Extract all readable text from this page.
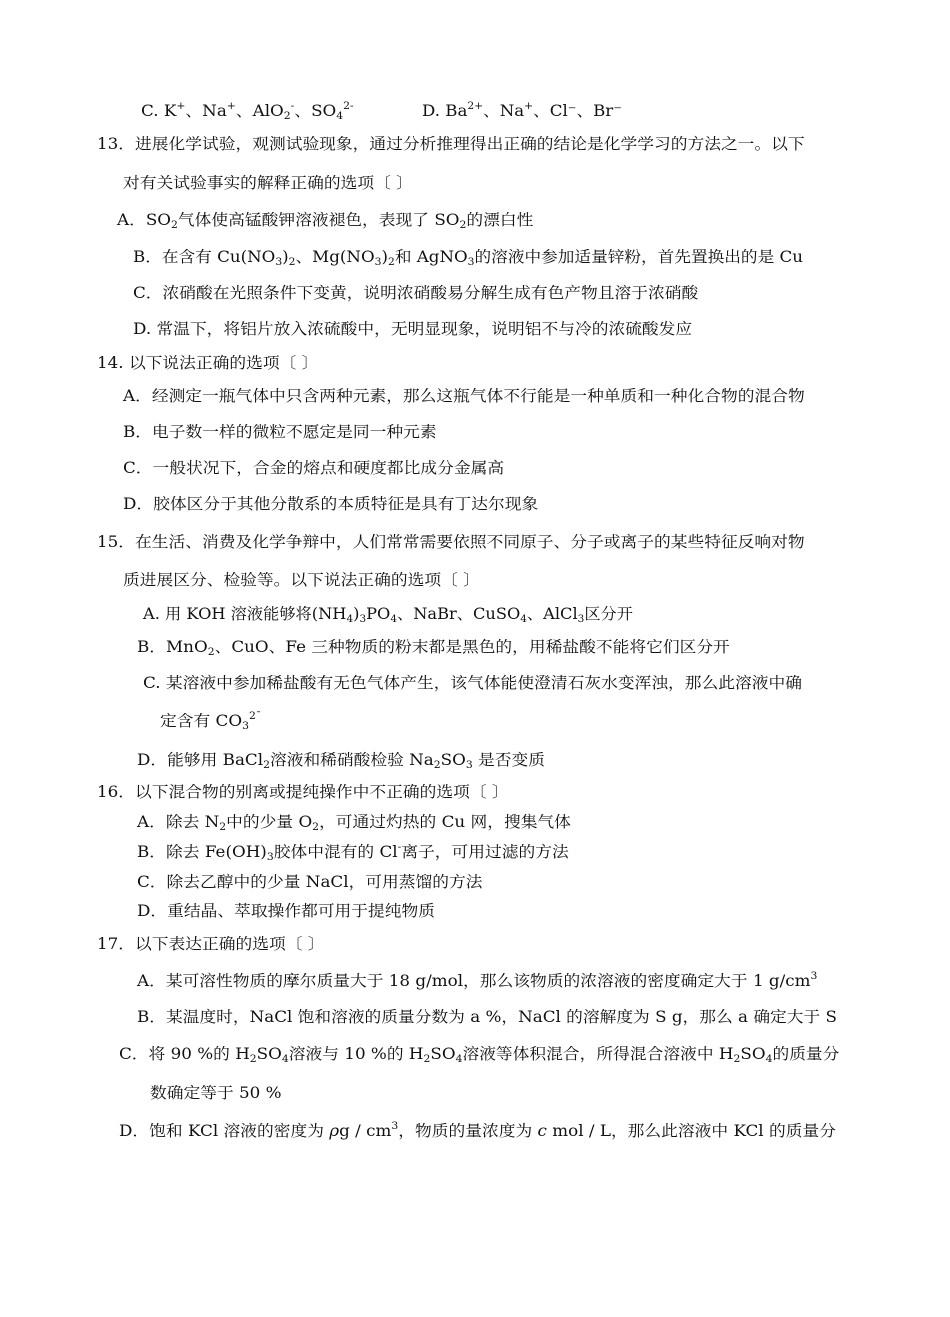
C. K+、Na+、AlO$_2$-、$SO_4^{2-}$	D. $Ba^{2+}$、Na+、Cl⁻、Br⁻
13．进展化学试验，观测试验现象，通过分析推理得出正确的结论是化学学习的方法之一。以下
对有关试验事实的解释正确的选项〔 〕
A．$SO_2$气体使高锰酸钾溶液褪色，表现了 $SO_2$的漂白性
B．在含有 $Cu(NO_3)_2$、$Mg(NO_3)_2$和 AgNO$_3$的溶液中参加适量锌粉，首先置换出的是 Cu
C．浓硝酸在光照条件下变黄，说明浓硝酸易分解生成有色产物且溶于浓硝酸
D. 常温下，将铝片放入浓硫酸中，无明显现象，说明铝不与冷的浓硫酸发应
14. 以下说法正确的选项〔 〕
A．经测定一瓶气体中只含两种元素，那么这瓶气体不行能是一种单质和一种化合物的混合物
B．电子数一样的微粒不愿定是同一种元素
C．一般状况下，合金的熔点和硬度都比成分金属高
D．胶体区分于其他分散系的本质特征是具有丁达尔现象
15．在生活、消费及化学争辩中，人们常常需要依照不同原子、分子或离子的某些特征反响对物
质进展区分、检验等。以下说法正确的选项〔 〕
A. 用 KOH 溶液能够将$(NH_4)_3PO_4$、NaBr、CuSO$_4$、AlCl$_3$区分开
B．MnO$_2$、CuO、Fe 三种物质的粉末都是黑色的，用稀盐酸不能将它们区分开
C. 某溶液中参加稀盐酸有无色气体产生，该气体能使澄清石灰水变浑浊，那么此溶液中确
定含有 $CO_3^{2ˉ}$
D．能够用 BaCl$_2$溶液和稀硝酸检验 $Na_2SO_3$ 是否变质
16．以下混合物的别离或提纯操作中不正确的选项〔 〕
A．除去 $N_2$中的少量 $O_2$，可通过灼热的 Cu 网，搜集气体
B．除去 $Fe(OH)_3$胶体中混有的 Cl-离子，可用过滤的方法
C．除去乙醇中的少量 NaCl，可用蒸馏的方法
D．重结晶、萃取操作都可用于提纯物质
17．以下表达正确的选项〔 〕
A．某可溶性物质的摩尔质量大于 18 g/mol，那么该物质的浓溶液的密度确定大于 1 $g/cm^3$
B．某温度时，NaCl 饱和溶液的质量分数为 a %，NaCl 的溶解度为 S g，那么 a 确定大于 S
C．将 90 %的 $H_2SO_4$溶液与 10 %的 $H_2SO_4$溶液等体积混合，所得混合溶液中 $H_2SO_4$的质量分
数确定等于 50 %
D．饱和 KCl 溶液的密度为 ρg / $cm^3$，物质的量浓度为 c mol / L，那么此溶液中 KCl 的质量分
